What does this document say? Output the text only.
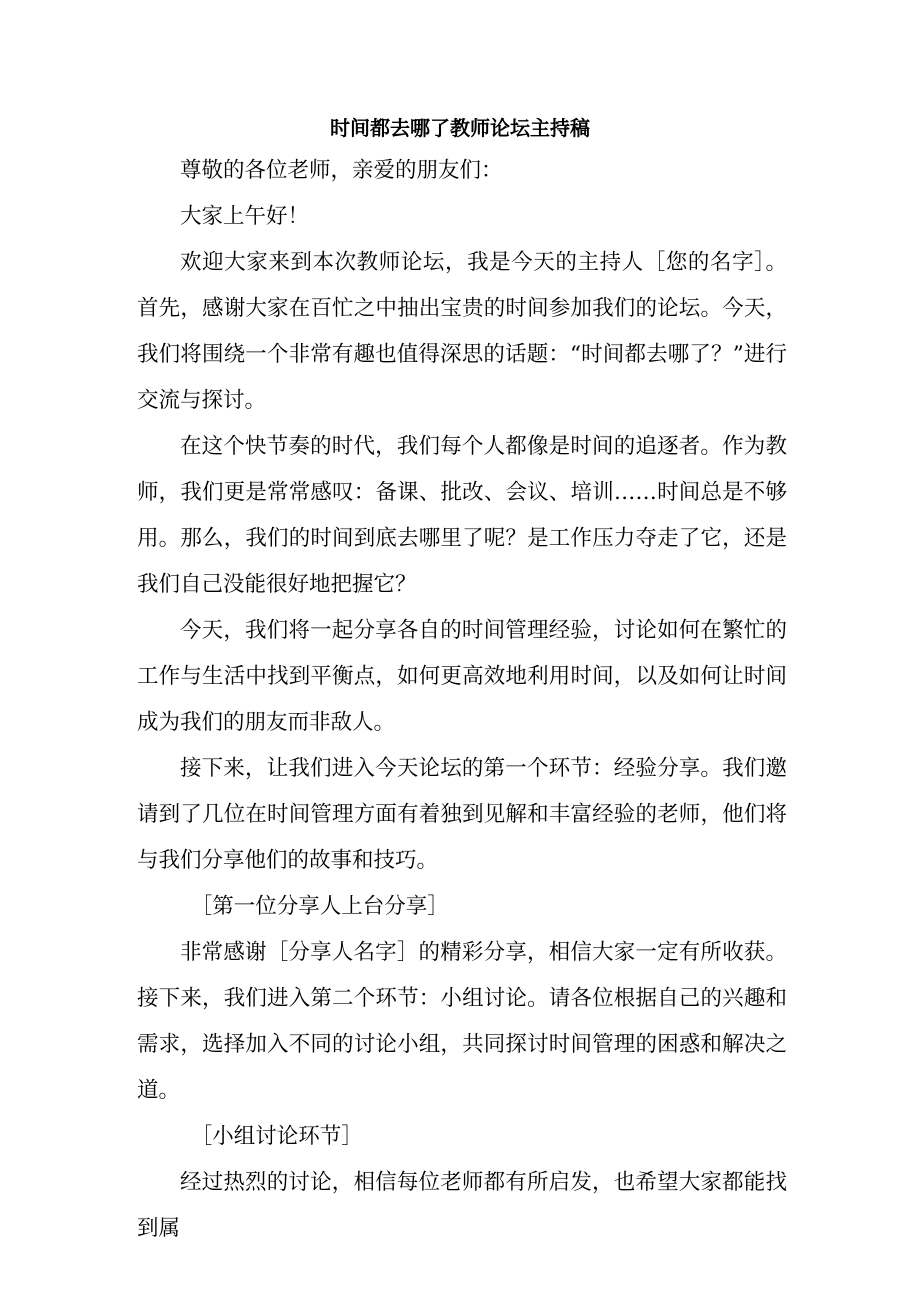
时间都去哪了教师论坛主持稿

尊敬的各位老师，亲爱的朋友们：

大家上午好！

欢迎大家来到本次教师论坛，我是今天的主持人［您的名字］。首先，感谢大家在百忙之中抽出宝贵的时间参加我们的论坛。今天，我们将围绕一个非常有趣也值得深思的话题：“时间都去哪了？”进行交流与探讨。

在这个快节奏的时代，我们每个人都像是时间的追逐者。作为教师，我们更是常常感叹：备课、批改、会议、培训……时间总是不够用。那么，我们的时间到底去哪里了呢？是工作压力夺走了它，还是我们自己没能很好地把握它？

今天，我们将一起分享各自的时间管理经验，讨论如何在繁忙的工作与生活中找到平衡点，如何更高效地利用时间，以及如何让时间成为我们的朋友而非敌人。

接下来，让我们进入今天论坛的第一个环节：经验分享。我们邀请到了几位在时间管理方面有着独到见解和丰富经验的老师，他们将与我们分享他们的故事和技巧。

［第一位分享人上台分享］

非常感谢［分享人名字］的精彩分享，相信大家一定有所收获。接下来，我们进入第二个环节：小组讨论。请各位根据自己的兴趣和需求，选择加入不同的讨论小组，共同探讨时间管理的困惑和解决之道。

［小组讨论环节］

经过热烈的讨论，相信每位老师都有所启发，也希望大家都能找到属
